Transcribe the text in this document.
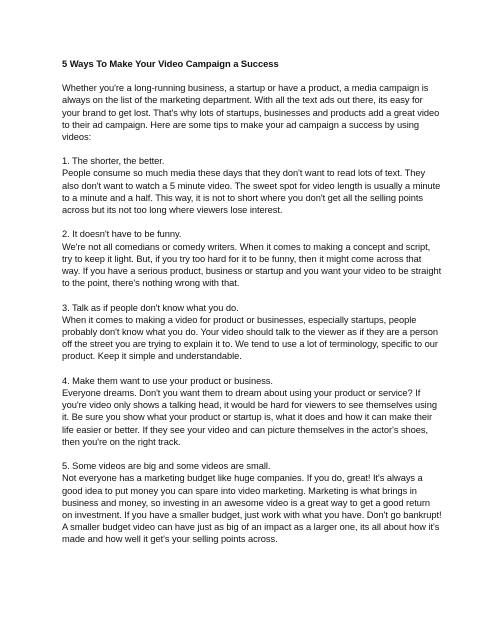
5 Ways To Make Your Video Campaign a Success

Whether you're a long-running business, a startup or have a product, a media campaign is always on the list of the marketing department. With all the text ads out there, its easy for your brand to get lost. That's why lots of startups, businesses and products add a great video to their ad campaign. Here are some tips to make your ad campaign a success by using videos:

1. The shorter, the better.

People consume so much media these days that they don't want to read lots of text. They also don't want to watch a 5 minute video. The sweet spot for video length is usually a minute to a minute and a half. This way, it is not to short where you don't get all the selling points across but its not too long where viewers lose interest.

2. It doesn't have to be funny.

We're not all comedians or comedy writers. When it comes to making a concept and script, try to keep it light. But, if you try too hard for it to be funny, then it might come across that way. If you have a serious product, business or startup and you want your video to be straight to the point, there's nothing wrong with that.

3. Talk as if people don't know what you do.

When it comes to making a video for product or businesses, especially startups, people probably don't know what you do. Your video should talk to the viewer as if they are a person off the street you are trying to explain it to. We tend to use a lot of terminology, specific to our product. Keep it simple and understandable.

4. Make them want to use your product or business.

Everyone dreams. Don't you want them to dream about using your product or service? If you're video only shows a talking head, it would be hard for viewers to see themselves using it. Be sure you show what your product or startup is, what it does and how it can make their life easier or better. If they see your video and can picture themselves in the actor's shoes, then you're on the right track.

5. Some videos are big and some videos are small.

Not everyone has a marketing budget like huge companies. If you do, great! It's always a good idea to put money you can spare into video marketing. Marketing is what brings in business and money, so investing in an awesome video is a great way to get a good return on investment. If you have a smaller budget, just work with what you have. Don't go bankrupt! A smaller budget video can have just as big of an impact as a larger one, its all about how it's made and how well it get's your selling points across.
